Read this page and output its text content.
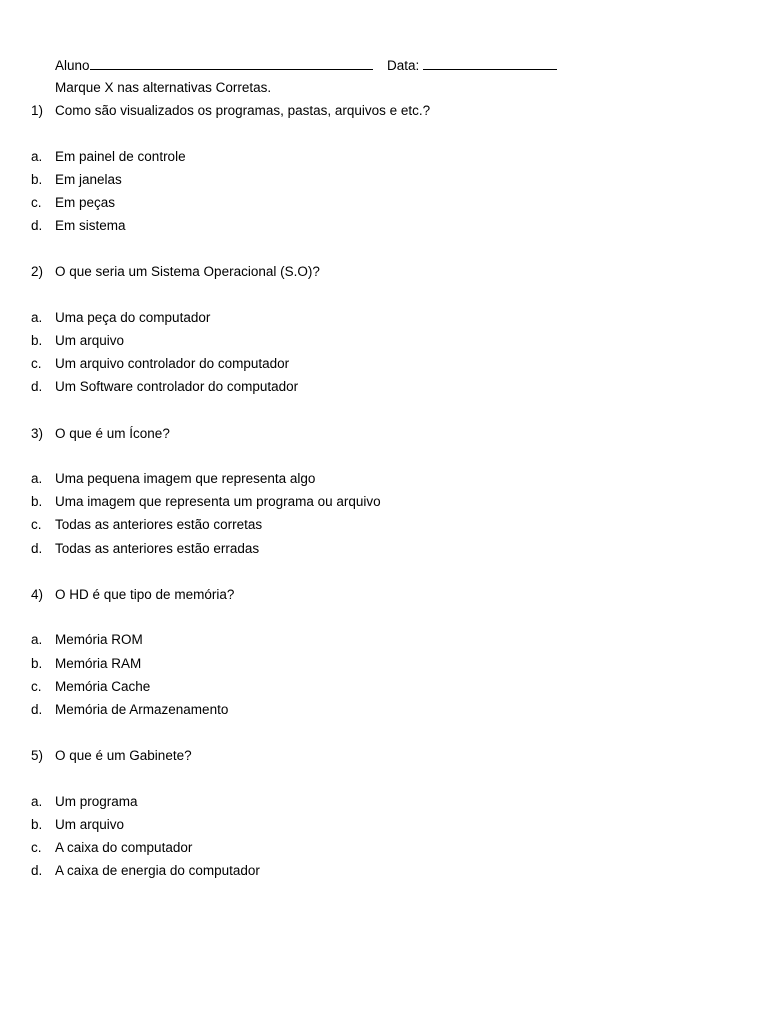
Aluno	Data:
Marque X nas alternativas Corretas.
1) Como são visualizados os programas, pastas, arquivos e etc.?
a. Em painel de controle
b. Em janelas
c. Em peças
d. Em sistema
2) O que seria um Sistema Operacional (S.O)?
a. Uma peça do computador
b. Um arquivo
c. Um arquivo controlador do computador
d. Um Software controlador do computador
3) O que é um Ícone?
a. Uma pequena imagem que representa algo
b. Uma imagem que representa um programa ou arquivo
c. Todas as anteriores estão corretas
d. Todas as anteriores estão erradas
4) O HD é que tipo de memória?
a. Memória ROM
b. Memória RAM
c. Memória Cache
d. Memória de Armazenamento
5) O que é um Gabinete?
a. Um programa
b. Um arquivo
c. A caixa do computador
d. A caixa de energia do computador
